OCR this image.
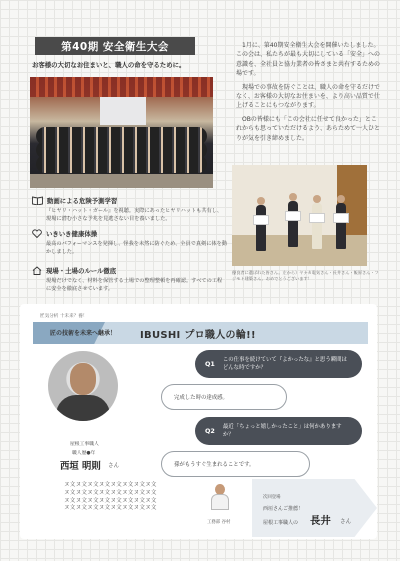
第40期 安全衛生大会
お客様の大切なお住まいと、職人の命を守るために。

1月に、第40期安全衛生大会を開催いたしました。この会は、私たちが最も大切にしている「安全」への意識を、全社員と協力業者の皆さまと共有するための場です。

現場での事故を防ぐことは、職人の命を守るだけでなく、お客様の大切なお住まいを、より高い品質で仕上げることにもつながります。

OBの皆様にも「この会社に任せて良かった」とこれからも思っていただけるよう、あらためて一人ひとりが気を引き締めました。

優良者に選ばれた皆さん。左から）ヤナカ電気さん・長井さん・飯原さん・フジモト建築さん。おめでとうございます！
動画による危険予測学習
『ヒヤリ・ハット・ガール』を視聴。実際にあったヒヤリハットも共有し、現場に潜む小さな予兆を見逃さない目を養いました。
いきいき健康体操
最高のパフォーマンスを発揮し、怪我を未然に防ぐため、全員で真剣に体を動かしました。
現場・土場のルール徹底
現場だけでなく、材料を保管する土場での整理整頓を再確認。すべての工程に安全を徹底させています。
匠気分析 十未来？養！
匠の技術を未来へ継承！ IBUSHI プロ職人の輪!!
屋根工事職人
職人歴●年
西垣 明則 さん
Q1 この仕事を続けていて『よかったな』と思う瞬間はどんな時ですか？
完成した時の達成感。
Q2 最近「ちょっと嬉しかったこと」は何かありますか？
孫がもうすぐ生まれることです。
ヌ文ヌ文ヌ文ヌ文ヌ文ヌ文ヌ文ヌ文
ヌ文ヌ文ヌ文ヌ文ヌ文ヌ文ヌ文ヌ文
ヌ文ヌ文ヌ文ヌ文ヌ文ヌ文ヌ文ヌ文
ヌ文ヌ文ヌ文ヌ文ヌ文ヌ文ヌ文ヌ文
工務部 谷村
次回登場
西垣さんご推薦！
屋根工事職人の 長井 さん
